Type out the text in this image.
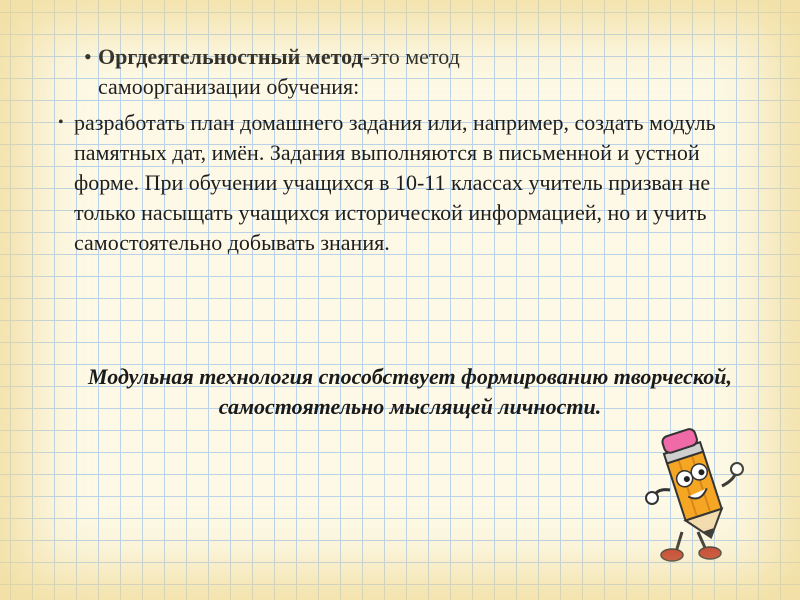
• Оргдеятельностный метод-это метод самоорганизации обучения:
• разработать план домашнего задания или, например, создать модуль памятных дат, имён. Задания выполняются в письменной и устной форме. При обучении учащихся в 10-11 классах учитель призван не только насыщать учащихся исторической информацией, но и учить самостоятельно добывать знания.
Модульная технология способствует формированию творческой, самостоятельно мыслящей личности.
